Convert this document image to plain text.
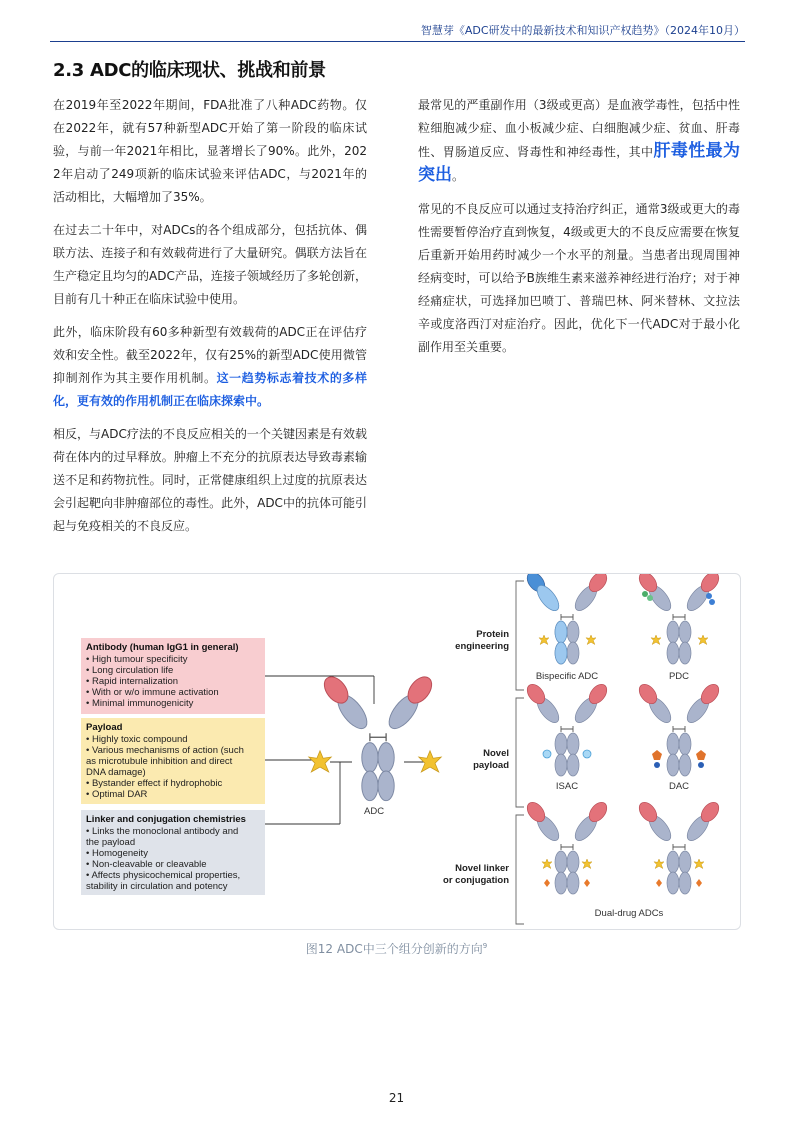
智慧芽《ADC研发中的最新技术和知识产权趋势》（2024年10月）
2.3 ADC的临床现状、挑战和前景

在2019年至2022年期间，FDA批准了八种ADC药物。仅在2022年，就有57种新型ADC开始了第一阶段的临床试验，与前一年2021年相比，显著增长了90%。此外，2022年启动了249项新的临床试验来评估ADC，与2021年的活动相比，大幅增加了35%。

在过去二十年中，对ADCs的各个组成部分，包括抗体、偶联方法、连接子和有效载荷进行了大量研究。偶联方法旨在生产稳定且均匀的ADC产品，连接子领域经历了多轮创新，目前有几十种正在临床试验中使用。

此外，临床阶段有60多种新型有效载荷的ADC正在评估疗效和安全性。截至2022年，仅有25%的新型ADC使用微管抑制剂作为其主要作用机制。这一趋势标志着技术的多样化，更有效的作用机制正在临床探索中。

相反，与ADC疗法的不良反应相关的一个关键因素是有效载荷在体内的过早释放。肿瘤上不充分的抗原表达导致毒素输送不足和药物抗性。同时，正常健康组织上过度的抗原表达会引起靶向非肿瘤部位的毒性。此外，ADC中的抗体可能引起与免疫相关的不良反应。

最常见的严重副作用（3级或更高）是血液学毒性，包括中性粒细胞减少症、血小板减少症、白细胞减少症、贫血、肝毒性、胃肠道反应、肾毒性和神经毒性，其中肝毒性最为突出。

常见的不良反应可以通过支持治疗纠正，通常3级或更大的毒性需要暂停治疗直到恢复，4级或更大的不良反应需要在恢复后重新开始用药时减少一个水平的剂量。当患者出现周围神经病变时，可以给予B族维生素来滋养神经进行治疗；对于神经痛症状，可选择加巴喷丁、普瑞巴林、阿米替林、文拉法辛或度洛西汀对症治疗。因此，优化下一代ADC对于最小化副作用至关重要。

Antibody (human IgG1 in general)
• High tumour specificity
• Long circulation life
• Rapid internalization
• With or w/o immune activation
• Minimal immunogenicity
Payload
• Highly toxic compound
• Various mechanisms of action (such
as microtubule inhibition and direct
DNA damage)
• Bystander effect if hydrophobic
• Optimal DAR
Linker and conjugation chemistries
• Links the monoclonal antibody and
the payload
• Homogeneity
• Non-cleavable or cleavable
• Affects physicochemical properties,
stability in circulation and potency
ADC
Protein
engineering
Novel
payload
Novel linker
or conjugation
Bispecific ADC	PDC
ISAC	DAC
Dual-drug ADCs
图12 ADC中三个组分创新的方向$^9$
21
